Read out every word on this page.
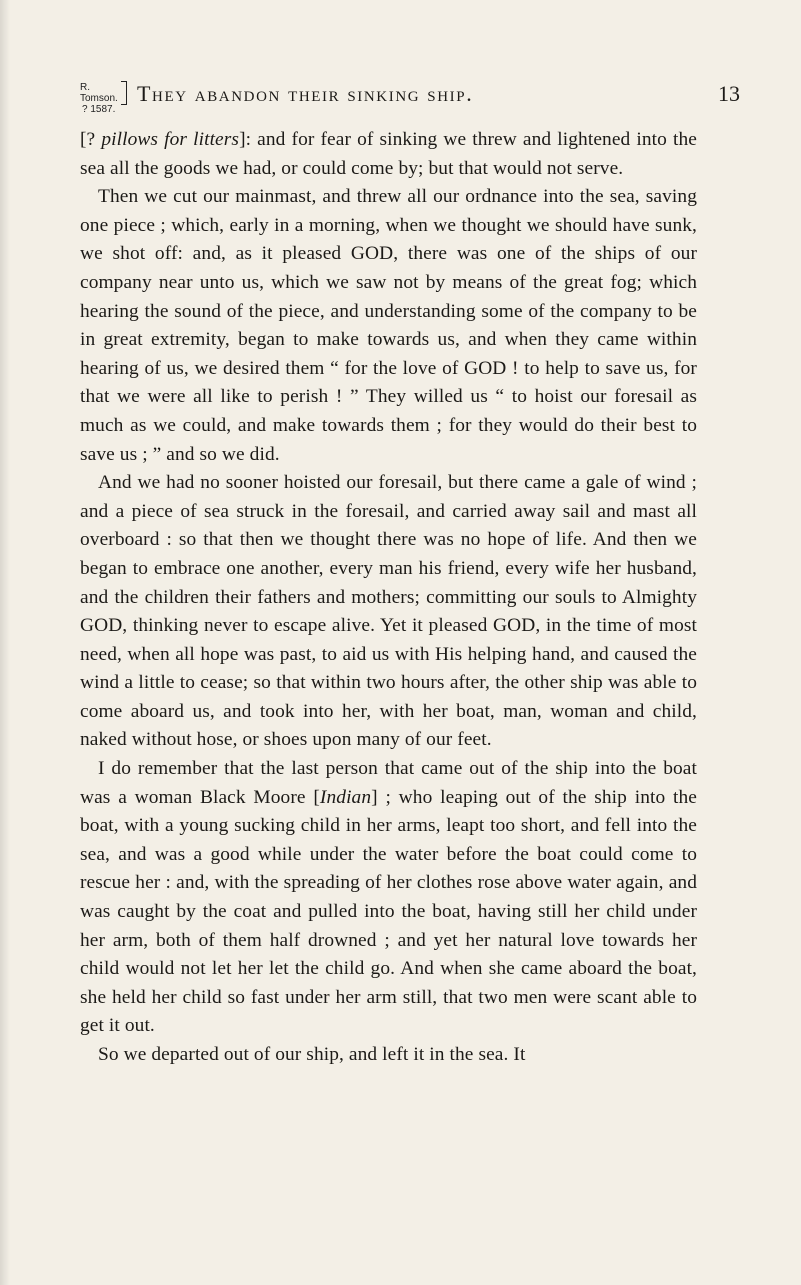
R. Tomson.
? 1587.
They abandon their sinking ship.	13

[? pillows for litters]: and for fear of sinking we threw and lightened into the sea all the goods we had, or could come by; but that would not serve.

Then we cut our mainmast, and threw all our ordnance into the sea, saving one piece ; which, early in a morning, when we thought we should have sunk, we shot off: and, as it pleased GOD, there was one of the ships of our company near unto us, which we saw not by means of the great fog; which hearing the sound of the piece, and understanding some of the company to be in great extremity, began to make towards us, and when they came within hearing of us, we desired them “ for the love of GOD ! to help to save us, for that we were all like to perish ! ” They willed us “ to hoist our foresail as much as we could, and make towards them ; for they would do their best to save us ; ” and so we did.

And we had no sooner hoisted our foresail, but there came a gale of wind ; and a piece of sea struck in the foresail, and carried away sail and mast all overboard : so that then we thought there was no hope of life. And then we began to embrace one another, every man his friend, every wife her husband, and the children their fathers and mothers; committing our souls to Almighty GOD, thinking never to escape alive. Yet it pleased GOD, in the time of most need, when all hope was past, to aid us with His helping hand, and caused the wind a little to cease; so that within two hours after, the other ship was able to come aboard us, and took into her, with her boat, man, woman and child, naked without hose, or shoes upon many of our feet.

I do remember that the last person that came out of the ship into the boat was a woman Black Moore [Indian] ; who leaping out of the ship into the boat, with a young sucking child in her arms, leapt too short, and fell into the sea, and was a good while under the water before the boat could come to rescue her : and, with the spreading of her clothes rose above water again, and was caught by the coat and pulled into the boat, having still her child under her arm, both of them half drowned ; and yet her natural love towards her child would not let her let the child go. And when she came aboard the boat, she held her child so fast under her arm still, that two men were scant able to get it out.

So we departed out of our ship, and left it in the sea. It
